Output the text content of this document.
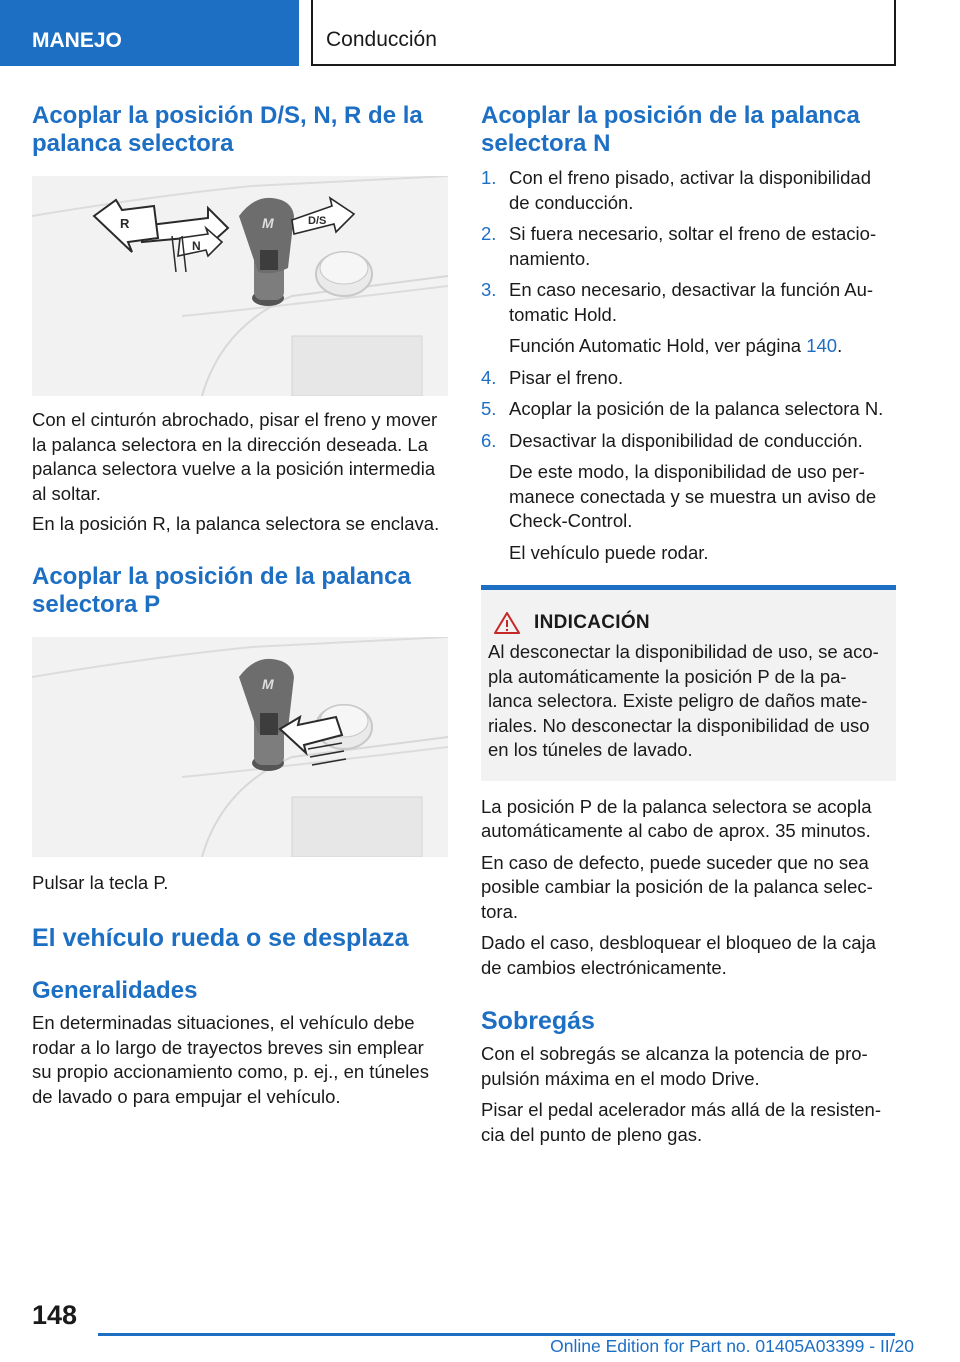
MANEJO	Conducción
Acoplar la posición D/S, N, R de la palanca selectora
R
N
D/S
M

Con el cinturón abrochado, pisar el freno y mover la palanca selectora en la dirección deseada. La palanca selectora vuelve a la posición intermedia al soltar.

En la posición R, la palanca selectora se enclava.

Acoplar la posición de la palanca selectora P
M

Pulsar la tecla P.

El vehículo rueda o se desplaza
Generalidades

En determinadas situaciones, el vehículo debe rodar a lo largo de trayectos breves sin emplear su propio accionamiento como, p. ej., en túneles de lavado o para empujar el vehículo.

Acoplar la posición de la palanca selectora N
1. Con el freno pisado, activar la disponibilidad de conducción.
2. Si fuera necesario, soltar el freno de estacio‐namiento.
3. En caso necesario, desactivar la función Au‐tomatic Hold.
Función Automatic Hold, ver página 140.
4. Pisar el freno.
5. Acoplar la posición de la palanca selectora N.
6. Desactivar la disponibilidad de conducción.
De este modo, la disponibilidad de uso per‐manece conectada y se muestra un aviso de Check-Control.
El vehículo puede rodar.
INDICACIÓN

Al desconectar la disponibilidad de uso, se aco‐pla automáticamente la posición P de la pa‐lanca selectora. Existe peligro de daños mate‐riales. No desconectar la disponibilidad de uso en los túneles de lavado.

La posición P de la palanca selectora se acopla automáticamente al cabo de aprox. 35 minutos.

En caso de defecto, puede suceder que no sea posible cambiar la posición de la palanca selec‐tora.

Dado el caso, desbloquear el bloqueo de la caja de cambios electrónicamente.

Sobregás

Con el sobregás se alcanza la potencia de pro‐pulsión máxima en el modo Drive.

Pisar el pedal acelerador más allá de la resisten‐cia del punto de pleno gas.

148
Online Edition for Part no. 01405A03399 - II/20
